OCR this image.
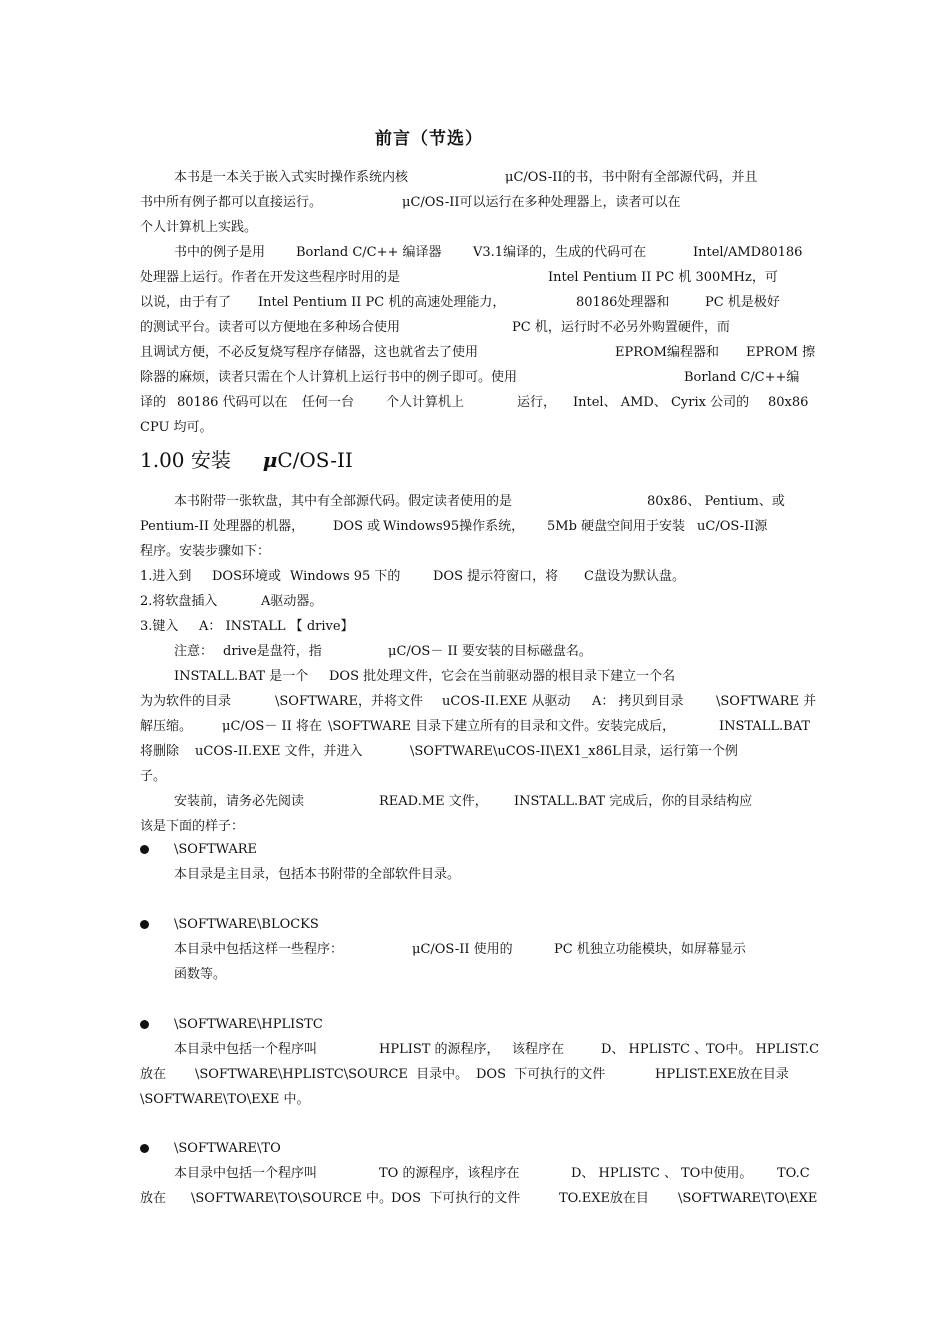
前言（节选）
本书是一本关于嵌入式实时操作系统内核	μC/OS-II的书，书中附有全部源代码，并且
书中所有例子都可以直接运行。	μC/OS-II可以运行在多种处理器上，读者可以在
个人计算机上实践。
书中的例子是用 Borland C/C++ 编译器 V3.1编译的，生成的代码可在	Intel/AMD80186
处理器上运行。作者在开发这些程序时用的是	Intel Pentium II PC 机 300MHz，可
以说，由于有了 Intel Pentium II PC 机的高速处理能力，	80186处理器和	PC 机是极好
的测试平台。读者可以方便地在多种场合使用	PC 机，运行时不必另外购置硬件，而
且调试方便，不必反复烧写程序存储器，这也就省去了使用	EPROM编程器和 EPROM 擦
除器的麻烦，读者只需在个人计算机上运行书中的例子即可。使用	Borland C/C++编
译的 80186 代码可以在 任何一台 个人计算机上	运行， Intel、 AMD、 Cyrix 公司的 80x86
CPU 均可。
1.00 安装 μC/OS-II
本书附带一张软盘，其中有全部源代码。假定读者使用的是	80x86、 Pentium、或
Pentium-II 处理器的机器， DOS 或 Windows95操作系统， 5Mb 硬盘空间用于安装 uC/OS-II源
程序。安装步骤如下：
1.进入到 DOS环境或 Windows 95 下的	DOS 提示符窗口，将 C盘设为默认盘。
2.将软盘插入	A驱动器。
3.键入 A： INSTALL 【 drive】
注意： drive是盘符，指	μC/OS－ II 要安装的目标磁盘名。
INSTALL.BAT 是一个 DOS 批处理文件，它会在当前驱动器的根目录下建立一个名
为为软件的目录	\SOFTWARE，并将文件 uCOS-II.EXE 从驱动 A： 拷贝到目录 \SOFTWARE 并
解压缩。 μC/OS－ II 将在 \SOFTWARE 目录下建立所有的目录和文件。安装完成后，	INSTALL.BAT
将删除 uCOS-II.EXE 文件，并进入	\SOFTWARE\uCOS-II\EX1_x86L目录，运行第一个例
子。
安装前，请务必先阅读	READ.ME 文件， INSTALL.BAT 完成后，你的目录结构应
该是下面的样子：
\SOFTWARE
本目录是主目录，包括本书附带的全部软件目录。
\SOFTWARE\BLOCKS
本目录中包括这样一些程序：	μC/OS-II 使用的	PC 机独立功能模块，如屏幕显示
函数等。
\SOFTWARE\HPLISTC
本目录中包括一个程序叫	HPLIST 的源程序， 该程序在	D、 HPLISTC 、
TO中。 HPLIST.C
放在 \SOFTWARE\HPLISTC\SOURCE  目录中。 DOS  下可执行的文件	HPLIST.EXE放在目录
\SOFTWARE\TO\EXE 中。
\SOFTWARE\TO
本目录中包括一个程序叫	TO 的源程序，该程序在	D、 HPLISTC 、 TO中使用。 TO.C
放在 \SOFTWARE\TO\SOURCE 中。 DOS  下可执行的文件	TO.EXE放在目 \SOFTWARE\TO\EXE
